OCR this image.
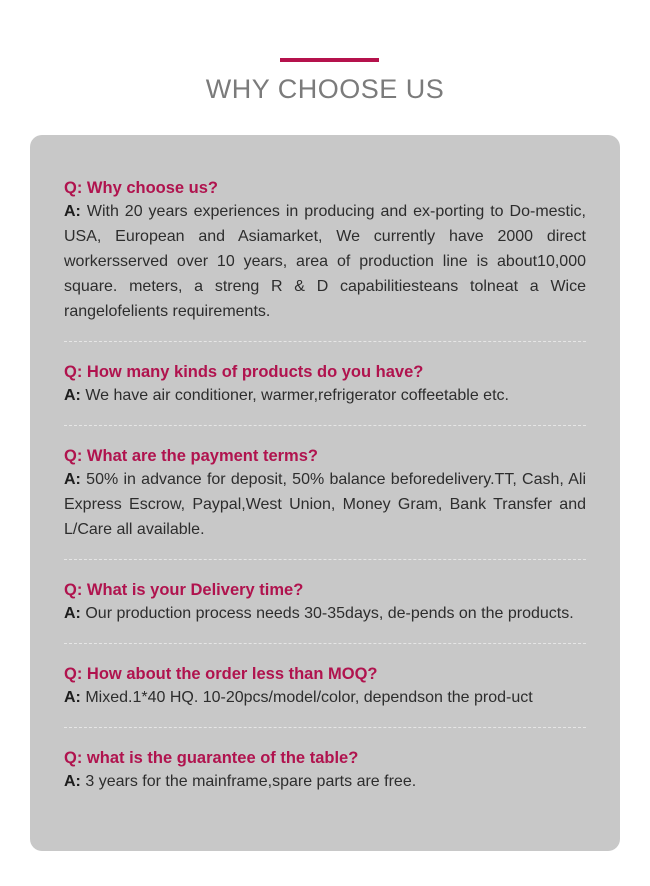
WHY CHOOSE US

Q: Why choose us?

A: With 20 years experiences in producing and ex-porting to Do-mestic, USA, European and Asiamarket, We currently have 2000 direct workersserved over 10 years, area of production line is about10,000 square. meters, a streng R & D capabilitiesteans tolneat a Wice rangelofelients requirements.

Q: How many kinds of products do you have?

A: We have air conditioner, warmer,refrigerator coffeetable etc.

Q: What are the payment terms?

A: 50% in advance for deposit, 50% balance beforedelivery.TT, Cash, Ali Express Escrow, Paypal,West Union, Money Gram, Bank Transfer and L/Care all available.

Q: What is your Delivery time?

A: Our production process needs 30-35days, de-pends on the products.

Q: How about the order less than MOQ?

A: Mixed.1*40 HQ. 10-20pcs/model/color, dependson the prod-uct

Q: what is the guarantee of the table?

A: 3 years for the mainframe,spare parts are free.
